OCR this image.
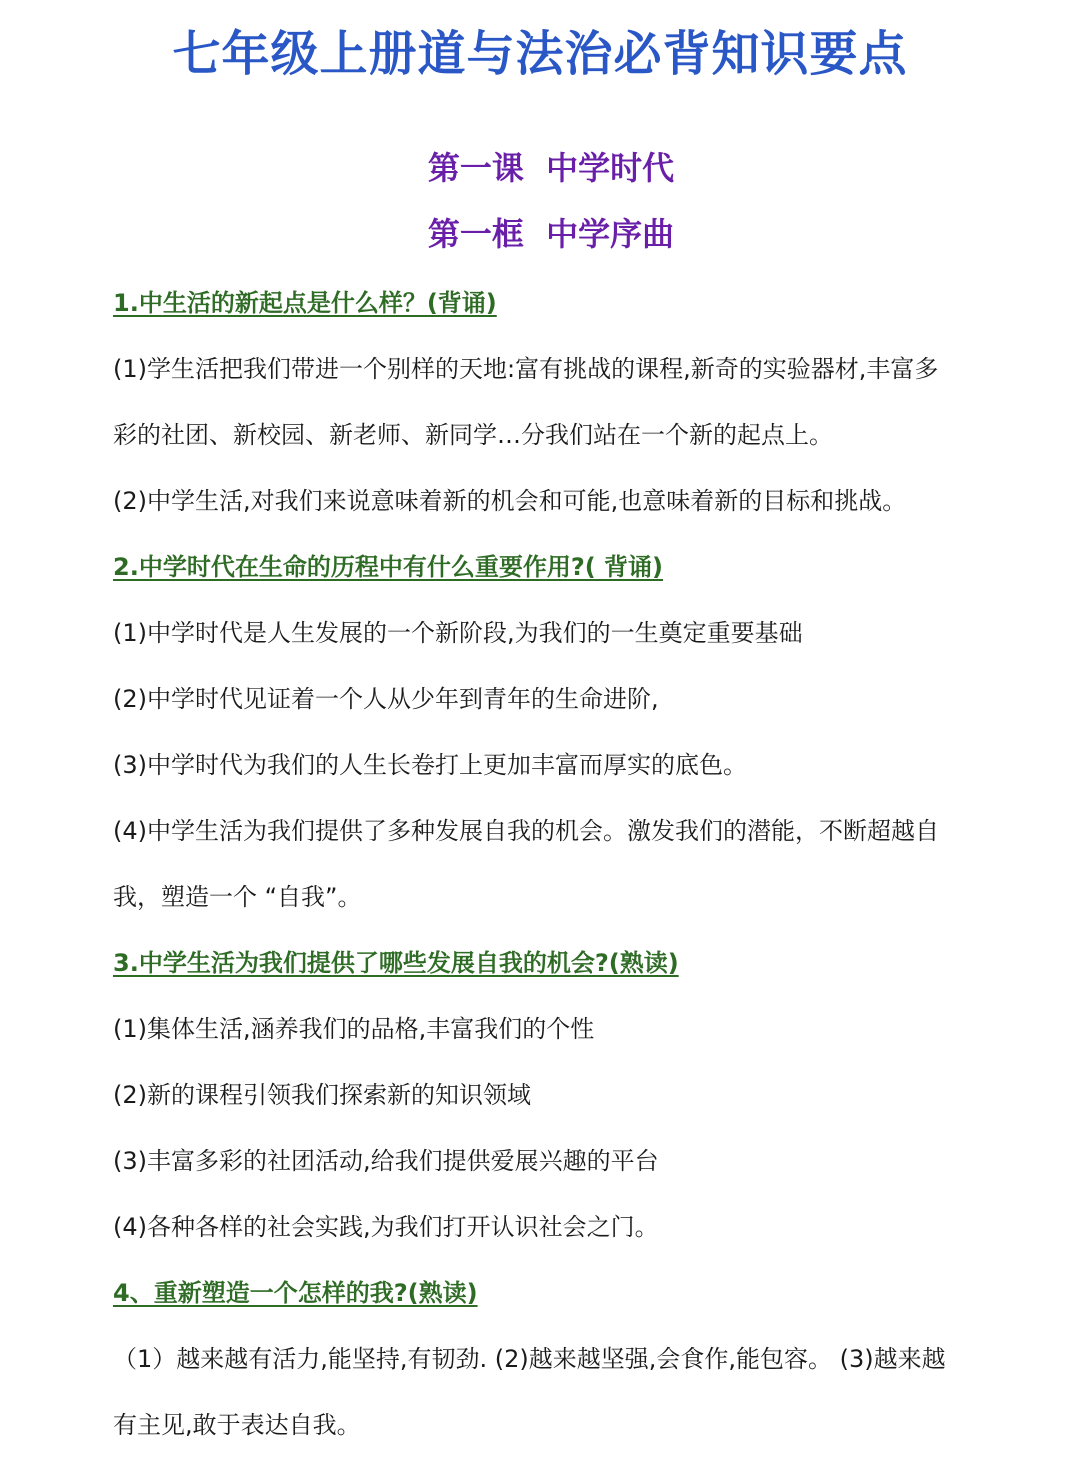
七年级上册道与法治必背知识要点
第一课  中学时代
第一框  中学序曲
1.中生活的新起点是什么样？(背诵)
(1)学生活把我们带进一个别样的天地:富有挑战的课程,新奇的实验器材,丰富多
彩的社团、新校园、新老师、新同学…分我们站在一个新的起点上。
(2)中学生活,对我们来说意味着新的机会和可能,也意味着新的目标和挑战。
2.中学时代在生命的历程中有什么重要作用?( 背诵)
(1)中学时代是人生发展的一个新阶段,为我们的一生奠定重要基础
(2)中学时代见证着一个人从少年到青年的生命进阶,
(3)中学时代为我们的人生长卷打上更加丰富而厚实的底色。
(4)中学生活为我们提供了多种发展自我的机会。激发我们的潜能，不断超越自
我，塑造一个 “自我”。
3.中学生活为我们提供了哪些发展自我的机会?(熟读)
(1)集体生活,涵养我们的品格,丰富我们的个性
(2)新的课程引领我们探索新的知识领域
(3)丰富多彩的社团活动,给我们提供爱展兴趣的平台
(4)各种各样的社会实践,为我们打开认识社会之门。
4、重新塑造一个怎样的我?(熟读)
（1）越来越有活力,能坚持,有韧劲. (2)越来越坚强,会食作,能包容。 (3)越来越
有主见,敢于表达自我。
